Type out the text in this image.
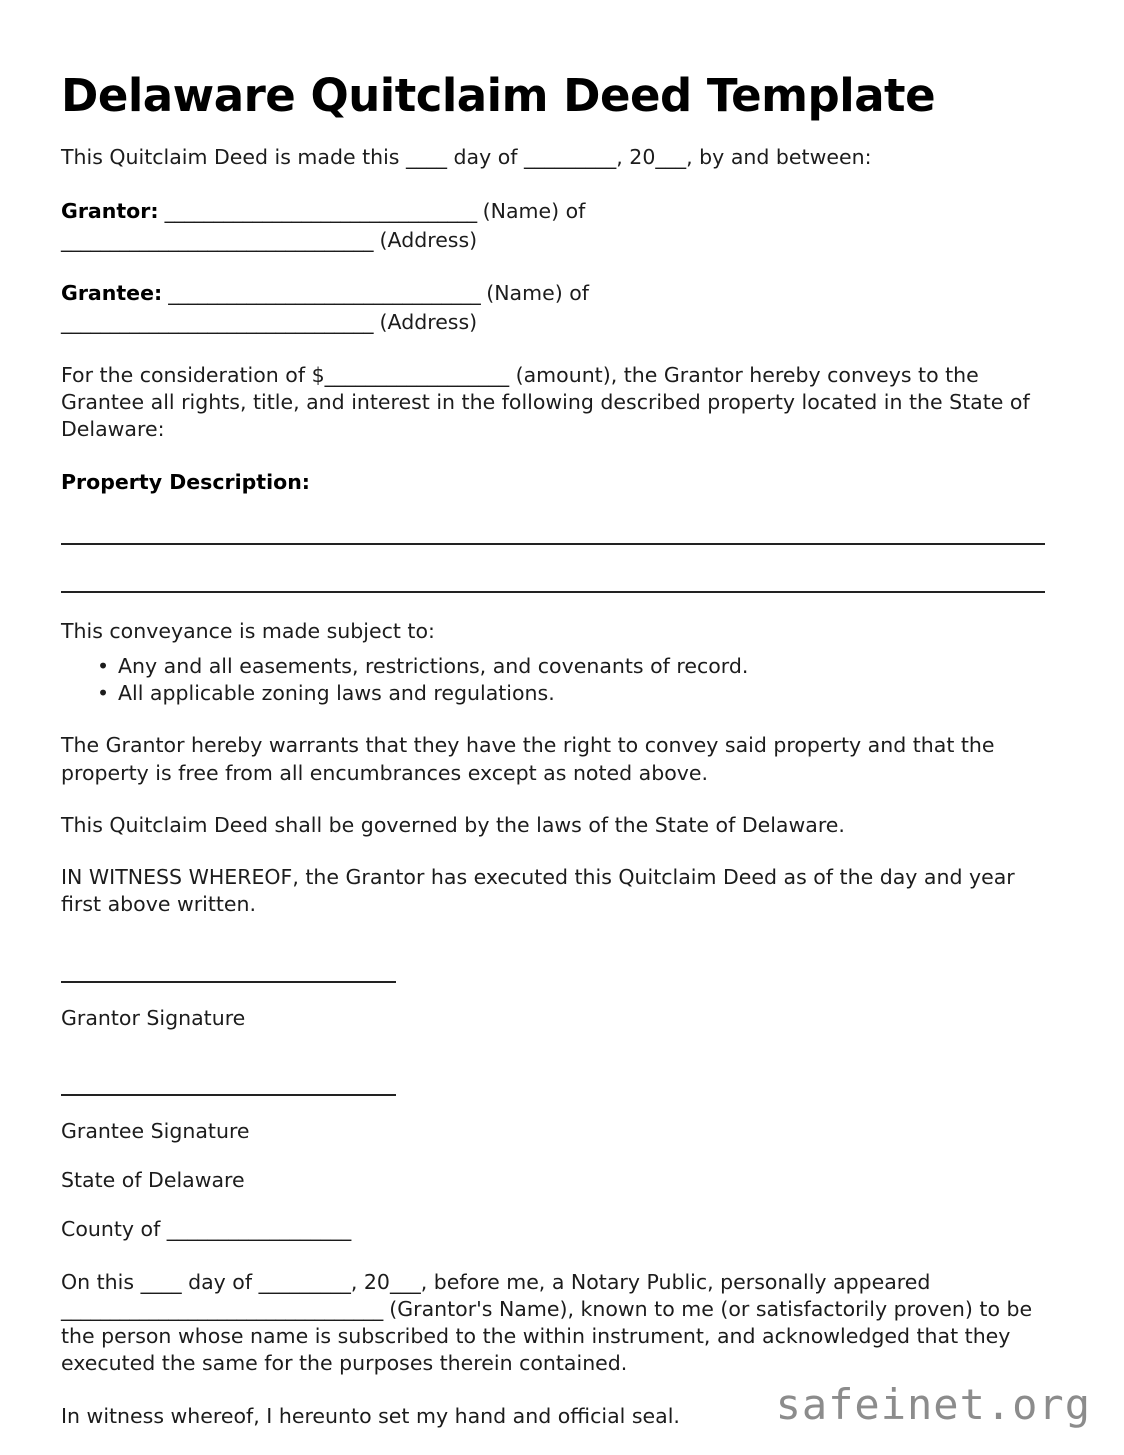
Delaware Quitclaim Deed Template

This Quitclaim Deed is made this ____ day of _________, 20___, by and between:

Grantor: ________________________________ (Name) of

________________________________ (Address)

Grantee: ________________________________ (Name) of

________________________________ (Address)

For the consideration of $__________________ (amount), the Grantor hereby conveys to the Grantee all rights, title, and interest in the following described property located in the State of Delaware:

Property Description:

This conveyance is made subject to:

• Any and all easements, restrictions, and covenants of record.
• All applicable zoning laws and regulations.

The Grantor hereby warrants that they have the right to convey said property and that the property is free from all encumbrances except as noted above.

This Quitclaim Deed shall be governed by the laws of the State of Delaware.

IN WITNESS WHEREOF, the Grantor has executed this Quitclaim Deed as of the day and year first above written.

Grantor Signature

Grantee Signature

State of Delaware

County of __________________

On this ____ day of _________, 20___, before me, a Notary Public, personally appeared _________________________________ (Grantor's Name), known to me (or satisfactorily proven) to be the person whose name is subscribed to the within instrument, and acknowledged that they executed the same for the purposes therein contained.

In witness whereof, I hereunto set my hand and official seal.	safeinet.org
